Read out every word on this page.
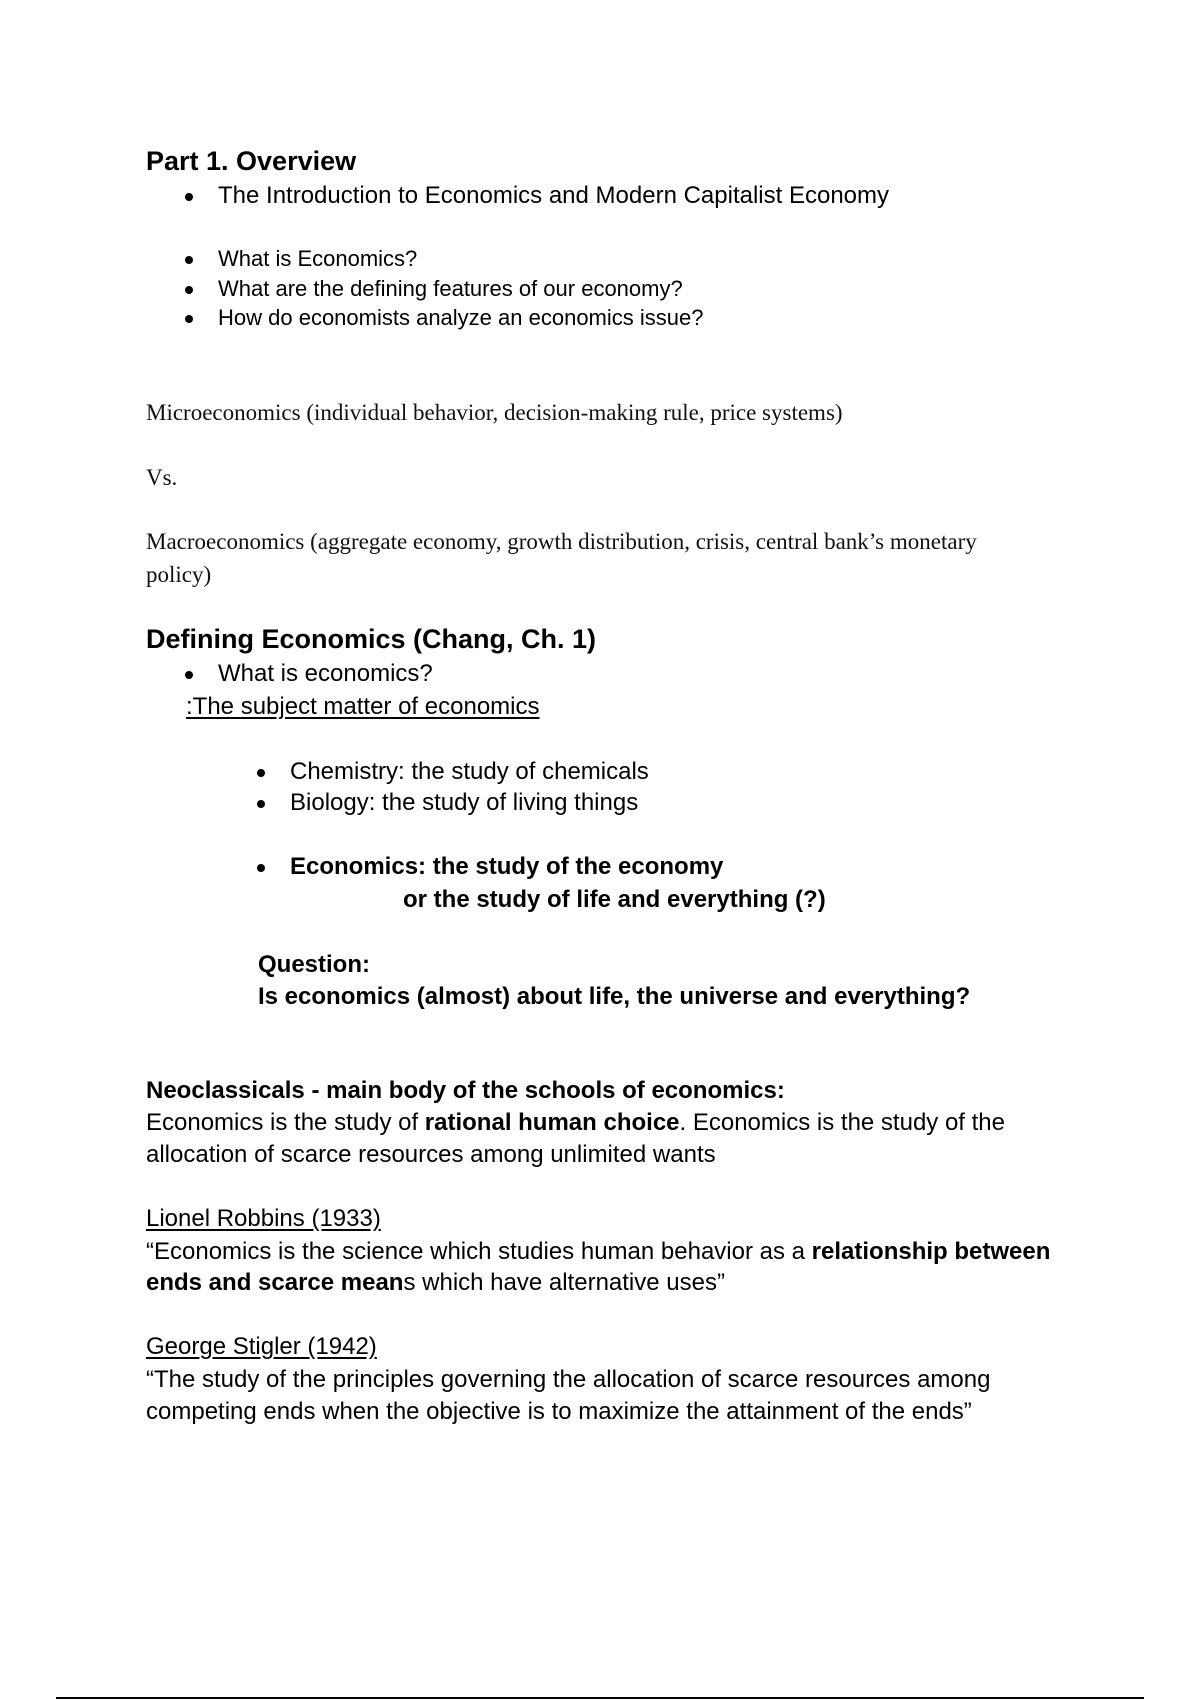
Part 1. Overview

The Introduction to Economics and Modern Capitalist Economy

What is Economics?

What are the defining features of our economy?

How do economists analyze an economics issue?

Microeconomics (individual behavior, decision-making rule, price systems)

Vs.

Macroeconomics (aggregate economy, growth distribution, crisis, central bank’s monetary

policy)

Defining Economics (Chang, Ch. 1)

What is economics?

:The subject matter of economics

Chemistry: the study of chemicals

Biology: the study of living things

Economics: the study of the economy

or the study of life and everything (?)

Question:

Is economics (almost) about life, the universe and everything?

Neoclassicals - main body of the schools of economics:

Economics is the study of rational human choice. Economics is the study of the

allocation of scarce resources among unlimited wants

Lionel Robbins (1933)

“Economics is the science which studies human behavior as a relationship between

ends and scarce means which have alternative uses”

George Stigler (1942)

“The study of the principles governing the allocation of scarce resources among

competing ends when the objective is to maximize the attainment of the ends”
